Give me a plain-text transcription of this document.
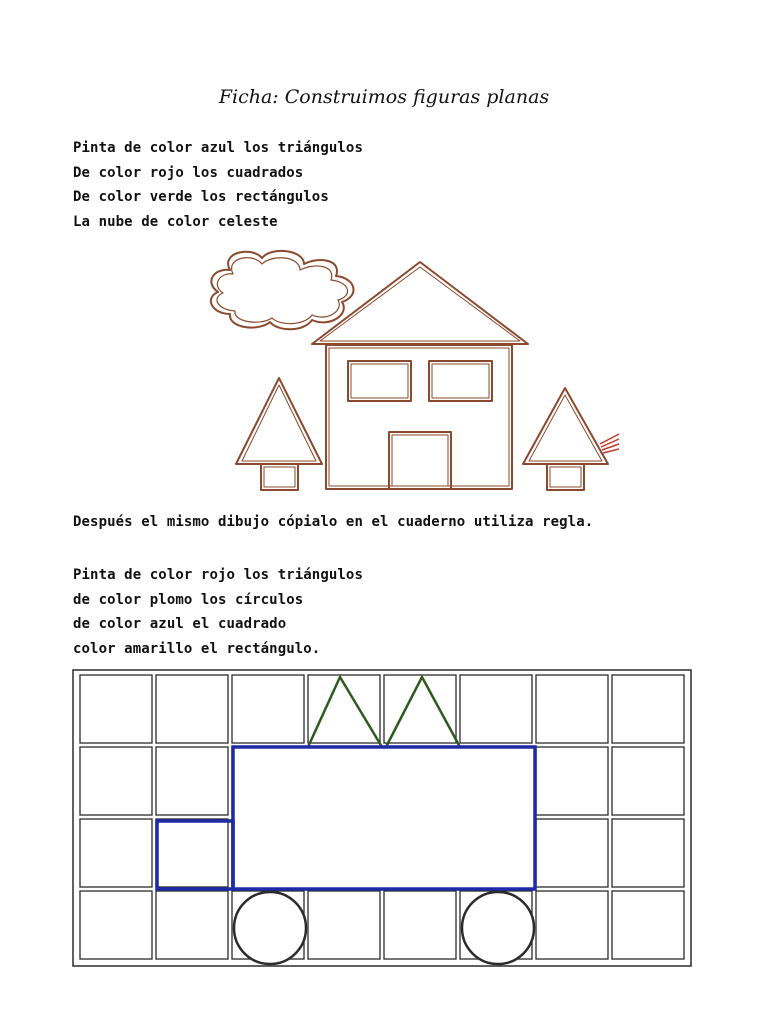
Ficha: Construimos figuras planas
Pinta de color azul los triángulos
De color rojo los cuadrados
De color verde los rectángulos
La nube de color celeste

Después el mismo dibujo cópialo en el cuaderno utiliza regla.

Pinta de color rojo los triángulos
de color plomo los círculos
de color azul el cuadrado
color amarillo el rectángulo.
